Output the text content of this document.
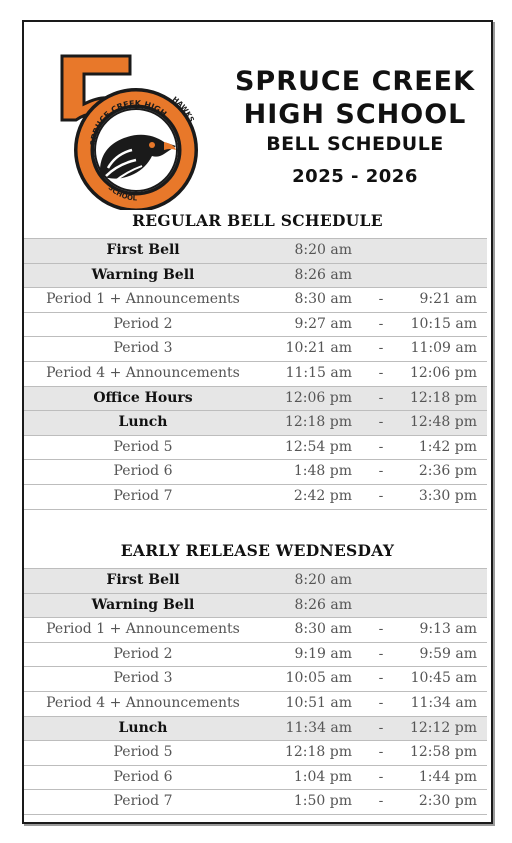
SPRUCE CREEK HIGH
HAWKS
SCHOOL
SPRUCE CREEK
HIGH SCHOOL
BELL SCHEDULE
2025 - 2026
REGULAR BELL SCHEDULE
First Bell	8:20 am
Warning Bell	8:26 am
Period 1 + Announcements	8:30 am -	9:21 am
Period 2	9:27 am -	10:15 am
Period 3	10:21 am -	11:09 am
Period 4 + Announcements	11:15 am -	12:06 pm
Office Hours	12:06 pm -	12:18 pm
Lunch	12:18 pm -	12:48 pm
Period 5	12:54 pm -	1:42 pm
Period 6	1:48 pm -	2:36 pm
Period 7	2:42 pm -	3:30 pm
EARLY RELEASE WEDNESDAY
First Bell	8:20 am
Warning Bell	8:26 am
Period 1 + Announcements	8:30 am -	9:13 am
Period 2	9:19 am -	9:59 am
Period 3	10:05 am -	10:45 am
Period 4 + Announcements	10:51 am -	11:34 am
Lunch	11:34 am -	12:12 pm
Period 5	12:18 pm -	12:58 pm
Period 6	1:04 pm -	1:44 pm
Period 7	1:50 pm -	2:30 pm
